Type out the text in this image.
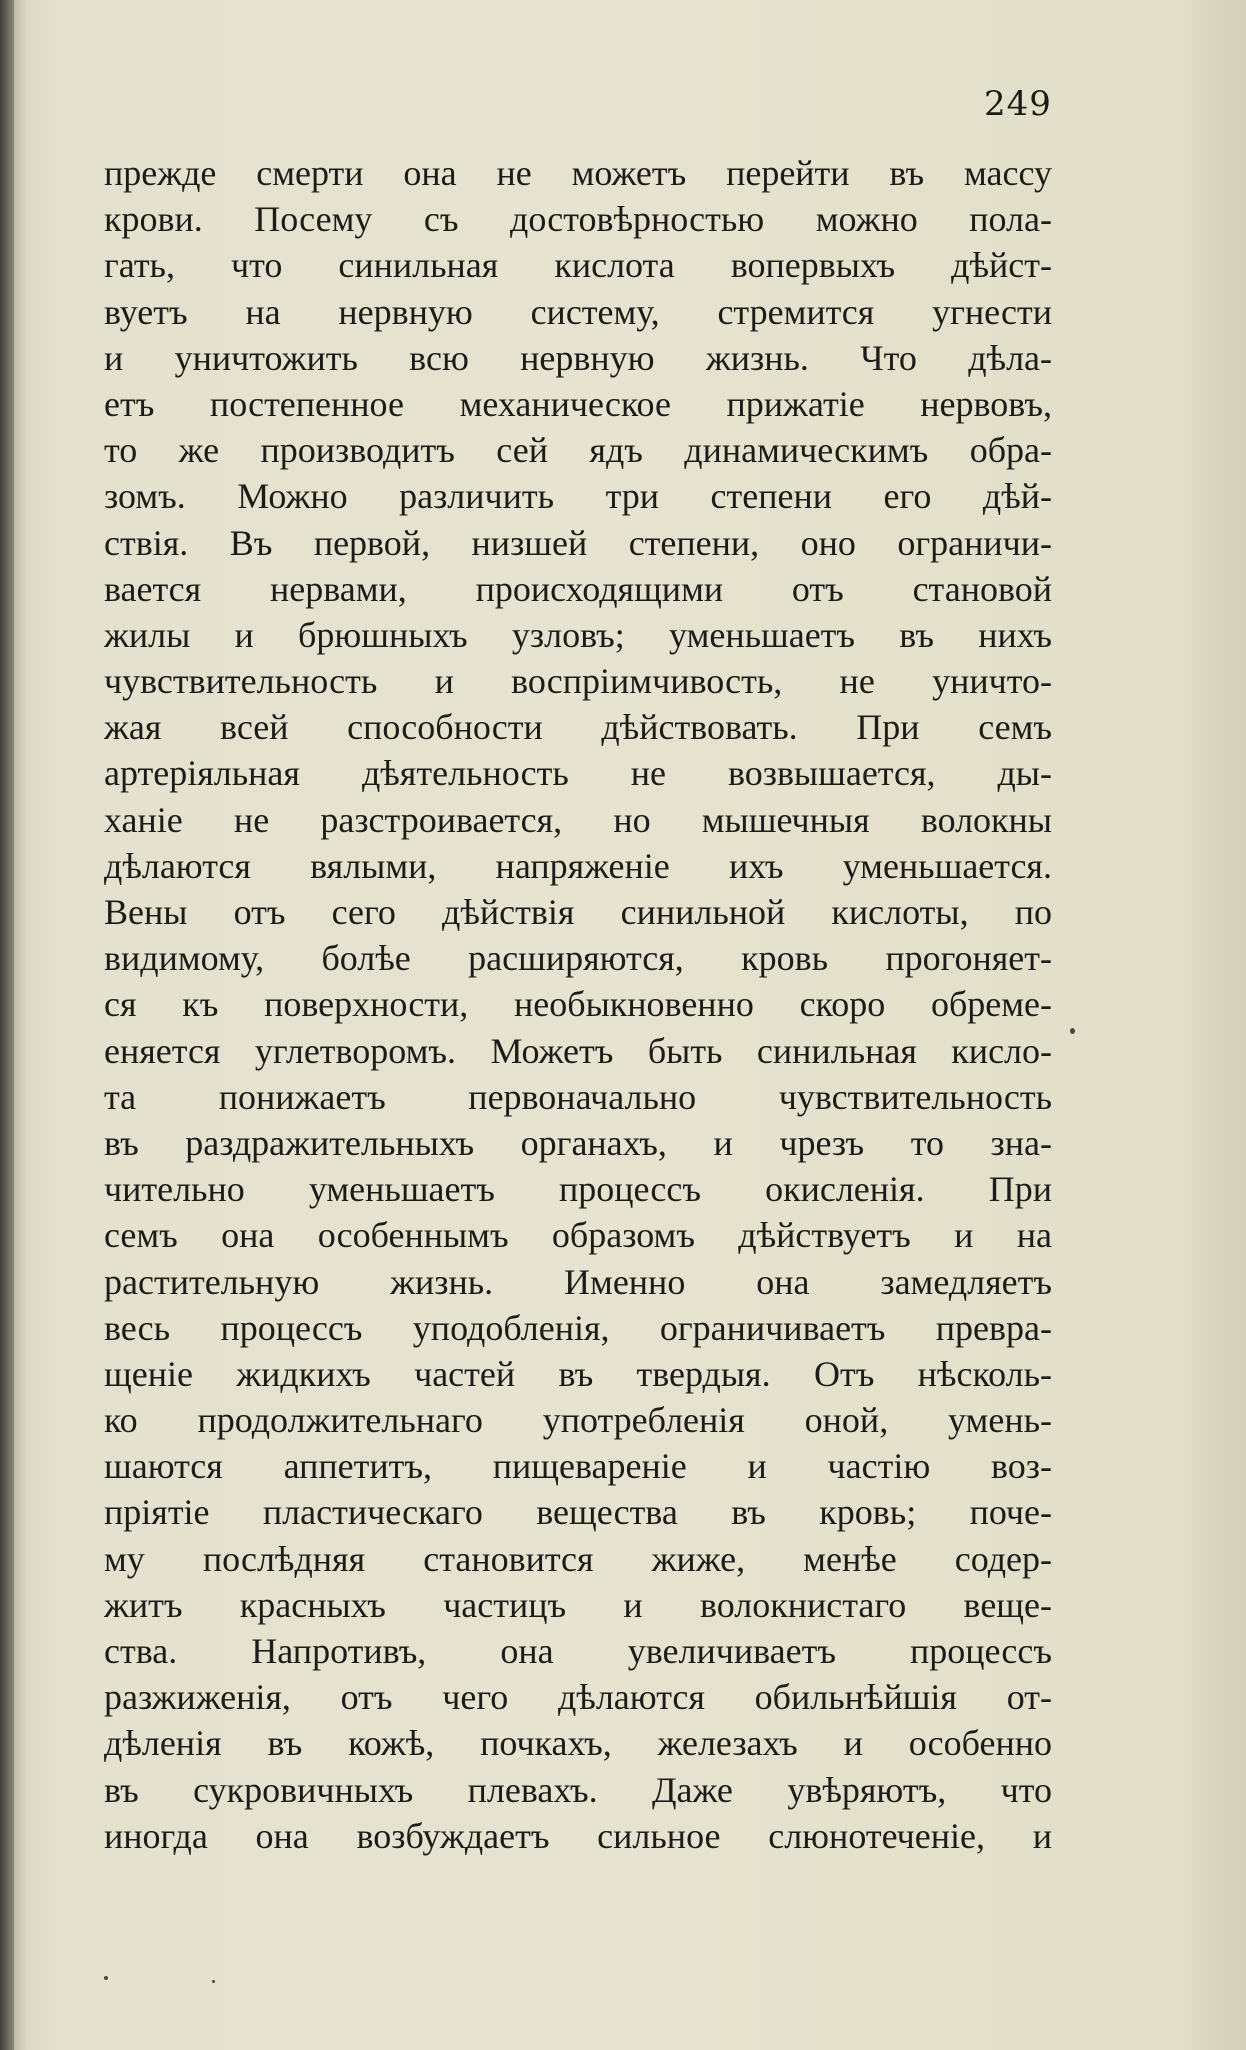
249
прежде смерти она не можетъ перейти въ массу
крови. Посему съ достовѣрностью можно пола-
гать, что синильная кислота вопервыхъ дѣйст-
вуетъ на нервную систему, стремится угнести
и уничтожить всю нервную жизнь. Что дѣла-
етъ постепенное механическое прижатіе нервовъ,
то же производитъ сей ядъ динамическимъ обра-
зомъ. Можно различить три степени его дѣй-
ствія. Въ первой, низшей степени, оно ограничи-
вается нервами, происходящими отъ становой
жилы и брюшныхъ узловъ; уменьшаетъ въ нихъ
чувствительность и воспріимчивость, не уничто-
жая всей способности дѣйствовать. При семъ
артеріяльная дѣятельность не возвышается, ды-
ханіе не разстроивается, но мышечныя волокны
дѣлаются вялыми, напряженіе ихъ уменьшается.
Вены отъ сего дѣйствія синильной кислоты, по
видимому, болѣе расширяются, кровь прогоняет-
ся къ поверхности, необыкновенно скоро обреме-
еняется углетворомъ. Можетъ быть синильная кисло-
та понижаетъ первоначально чувствительность
въ раздражительныхъ органахъ, и чрезъ то зна-
чительно уменьшаетъ процессъ окисленія. При
семъ она особеннымъ образомъ дѣйствуетъ и на
растительную жизнь. Именно она замедляетъ
весь процессъ уподобленія, ограничиваетъ превра-
щеніе жидкихъ частей въ твердыя. Отъ нѣсколь-
ко продолжительнаго употребленія оной, умень-
шаются аппетитъ, пищевареніе и частію воз-
пріятіе пластическаго вещества въ кровь; поче-
му послѣдняя становится жиже, менѣе содер-
житъ красныхъ частицъ и волокнистаго веще-
ства. Напротивъ, она увеличиваетъ процессъ
разжиженія, отъ чего дѣлаются обильнѣйшія от-
дѣленія въ кожѣ, почкахъ, железахъ и особенно
въ сукровичныхъ плевахъ. Даже увѣряютъ, что
иногда она возбуждаетъ сильное слюнотеченіе, и
